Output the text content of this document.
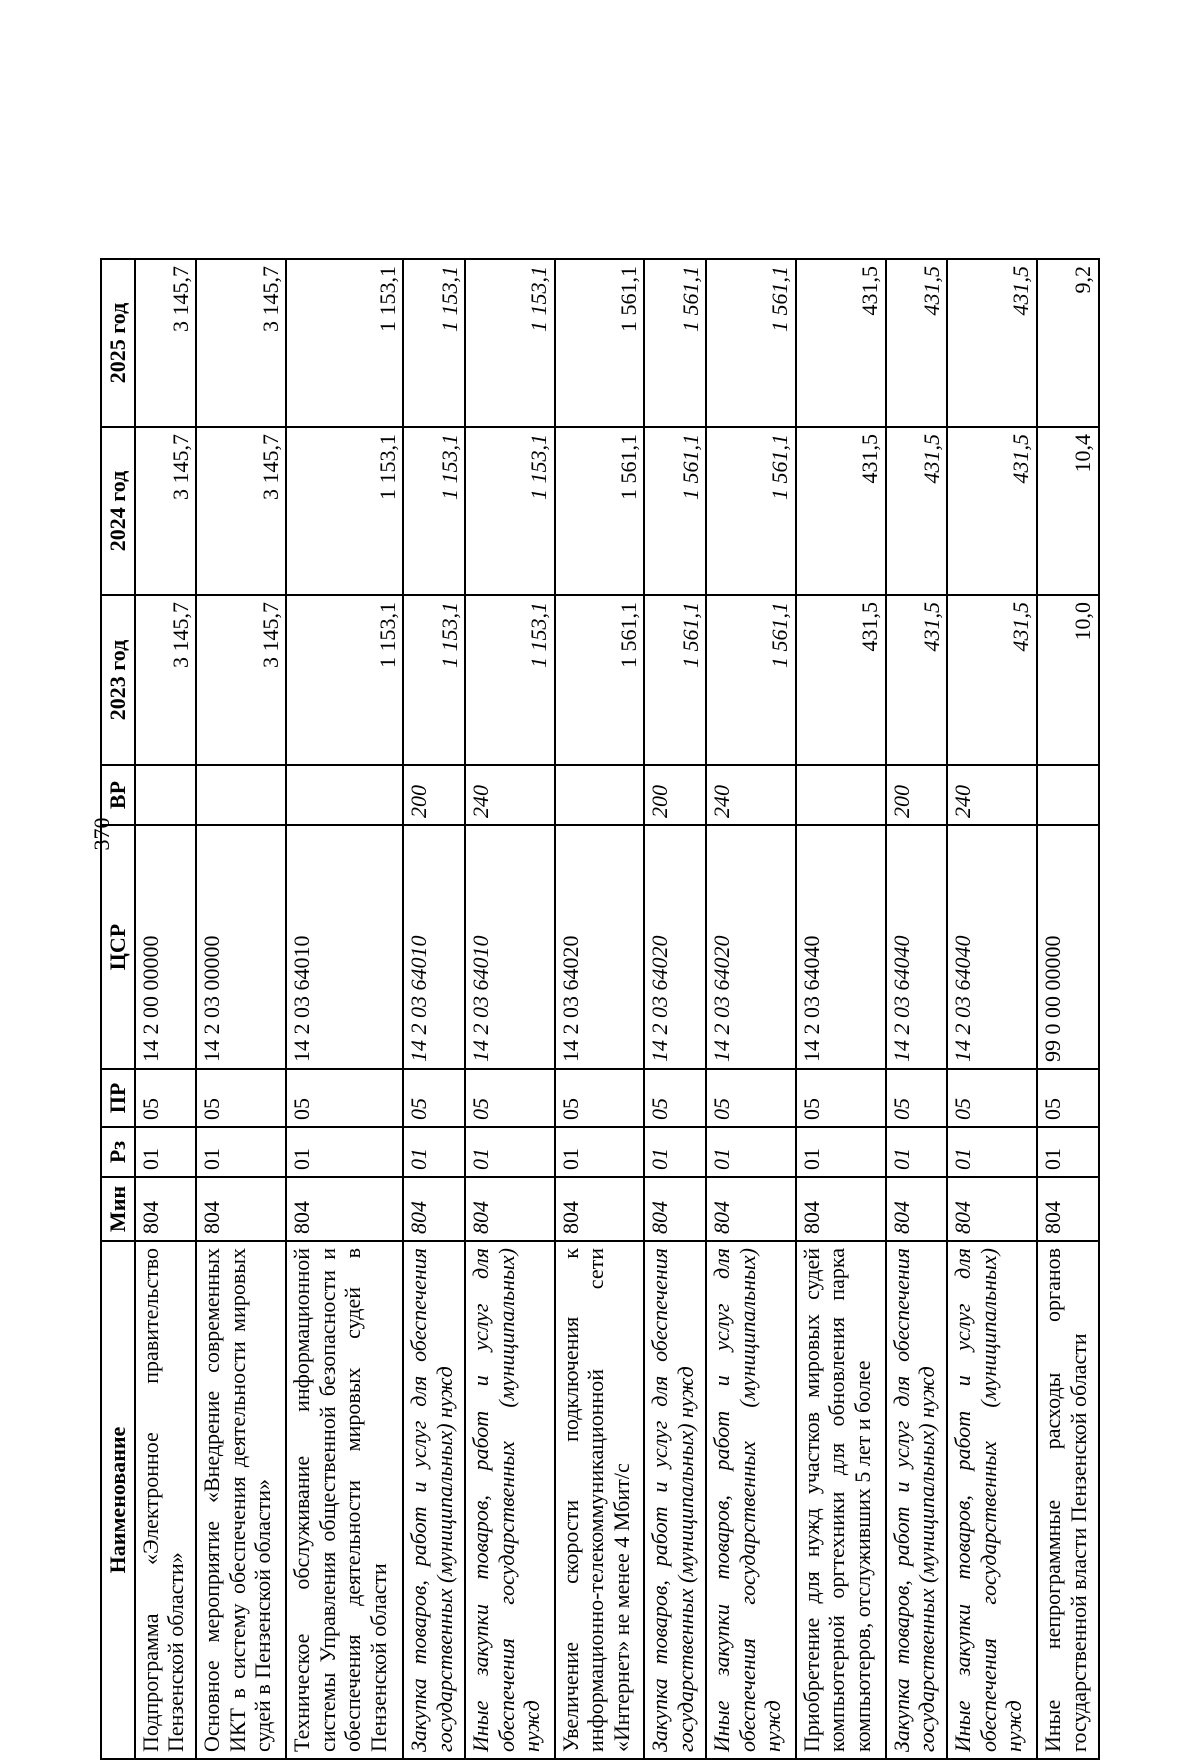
370
Наименование	Мин	Рз	ПР	ЦСР	ВР	2023 год	2024 год	2025 год
Подпрограмма «Электронное правительство Пензенской области»	804	01	05	14 2 00 00000		3 145,7	3 145,7	3 145,7
Основное мероприятие «Внедрение современных ИКТ в систему обеспечения деятельности мировых судей в Пензенской области»	804	01	05	14 2 03 00000		3 145,7	3 145,7	3 145,7
Техническое обслуживание информационной системы Управления общественной безопасности и обеспечения деятельности мировых судей в Пензенской области	804	01	05	14 2 03 64010		1 153,1	1 153,1	1 153,1
Закупка товаров, работ и услуг для обеспечения государственных (муниципальных) нужд	804	01	05	14 2 03 64010	200	1 153,1	1 153,1	1 153,1
Иные закупки товаров, работ и услуг для обеспечения государственных (муниципальных) нужд	804	01	05	14 2 03 64010	240	1 153,1	1 153,1	1 153,1
Увеличение скорости подключения к информационно-телекоммуникационной сети «Интернет» не менее 4 Мбит/с	804	01	05	14 2 03 64020		1 561,1	1 561,1	1 561,1
Закупка товаров, работ и услуг для обеспечения государственных (муниципальных) нужд	804	01	05	14 2 03 64020	200	1 561,1	1 561,1	1 561,1
Иные закупки товаров, работ и услуг для обеспечения государственных (муниципальных) нужд	804	01	05	14 2 03 64020	240	1 561,1	1 561,1	1 561,1
Приобретение для нужд участков мировых судей компьютерной оргтехники для обновления парка компьютеров, отслуживших 5 лет и более	804	01	05	14 2 03 64040		431,5	431,5	431,5
Закупка товаров, работ и услуг для обеспечения государственных (муниципальных) нужд	804	01	05	14 2 03 64040	200	431,5	431,5	431,5
Иные закупки товаров, работ и услуг для обеспечения государственных (муниципальных) нужд	804	01	05	14 2 03 64040	240	431,5	431,5	431,5
Иные непрограммные расходы органов государственной власти Пензенской области	804	01	05	99 0 00 00000		10,0	10,4	9,2
